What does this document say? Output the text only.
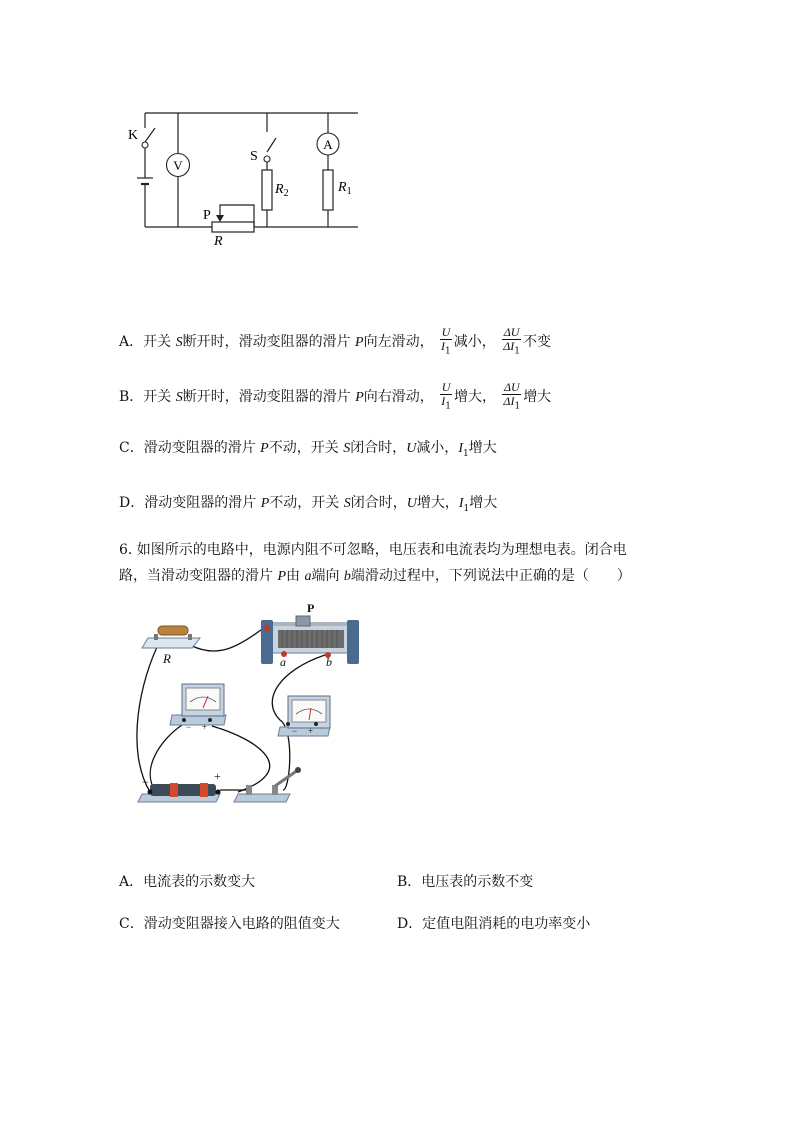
K
V
S
A
P
R
$R_2$	$R_1$
A．开关 S断开时，滑动变阻器的滑片 P向左滑动， $\frac{U}{I_1}$ 减小， $\frac{\Delta U}{\Delta I_1}$ 不变
B．开关 S断开时，滑动变阻器的滑片 P向右滑动， $\frac{U}{I_1}$ 增大， $\frac{\Delta U}{\Delta I_1}$ 增大
C．滑动变阻器的滑片 P不动，开关 S闭合时，U减小，$I_1$增大
D．滑动变阻器的滑片 P不动，开关 S闭合时，U增大，$I_1$增大
6. 如图所示的电路中，电源内阻不可忽略，电压表和电流表均为理想电表。闭合电
路，当滑动变阻器的滑片 P由 a端向 b端滑动过程中，下列说法中正确的是（　　）
R
P
a	b
− +	− +
−	+
A．电流表的示数变大	B．电压表的示数不变
C．滑动变阻器接入电路的阻值变大	D．定值电阻消耗的电功率变小
